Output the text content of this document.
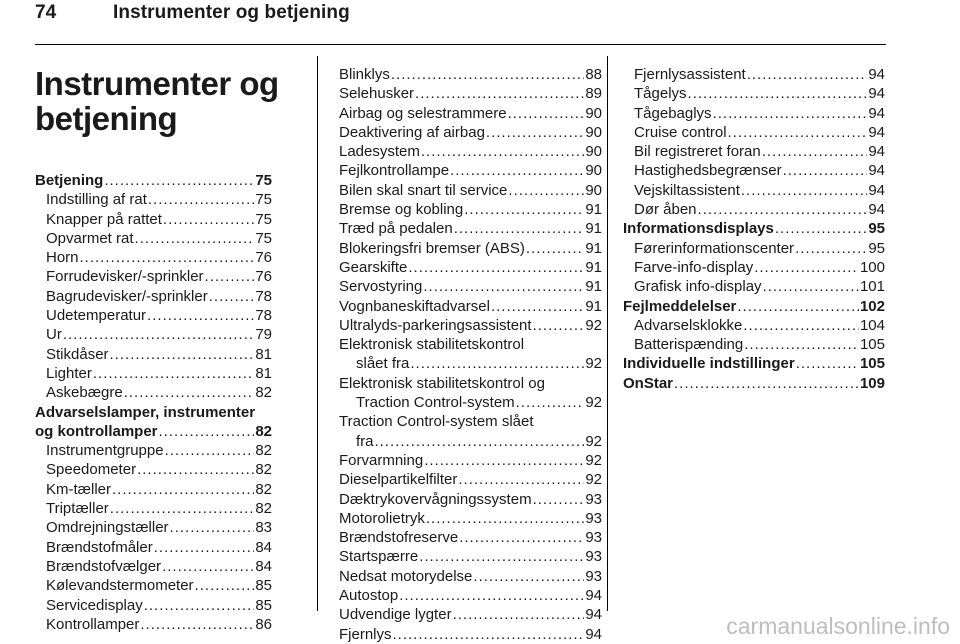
74	Instrumenter og betjening
Instrumenter og
betjening
Betjening .....	75
Indstilling af rat .....	75
Knapper på rattet .....	75
Opvarmet rat .....	75
Horn .....	76
Forrudevisker/-sprinkler .....	76
Bagrudevisker/-sprinkler .....	78
Udetemperatur .....	78
Ur .....	79
Stikdåser .....	81
Lighter .....	81
Askebægre .....	82
Advarselslamper, instrumenter
og kontrollamper .....	82
Instrumentgruppe .....	82
Speedometer .....	82
Km-tæller .....	82
Triptæller .....	82
Omdrejningstæller .....	83
Brændstofmåler .....	84
Brændstofvælger .....	84
Kølevandstermometer .....	85
Servicedisplay .....	85
Kontrollamper .....	86
Blinklys .....	88
Selehusker .....	89
Airbag og selestrammere .....	90
Deaktivering af airbag .....	90
Ladesystem .....	90
Fejlkontrollampe .....	90
Bilen skal snart til service .....	90
Bremse og kobling .....	91
Træd på pedalen .....	91
Blokeringsfri bremser (ABS) .....	91
Gearskifte .....	91
Servostyring .....	91
Vognbaneskiftadvarsel .....	91
Ultralyds-parkeringsassistent .....	92
Elektronisk stabilitetskontrol
slået fra .....	92
Elektronisk stabilitetskontrol og
Traction Control-system .....	92
Traction Control-system slået
fra .....	92
Forvarmning .....	92
Dieselpartikelfilter .....	92
Dæktrykovervågningssystem .....	93
Motorolietryk .....	93
Brændstofreserve .....	93
Startspærre .....	93
Nedsat motorydelse .....	93
Autostop .....	94
Udvendige lygter .....	94
Fjernlys .....	94
Fjernlysassistent .....	94
Tågelys .....	94
Tågebaglys .....	94
Cruise control .....	94
Bil registreret foran .....	94
Hastighedsbegrænser .....	94
Vejskiltassistent .....	94
Dør åben .....	94
Informationsdisplays .....	95
Førerinformationscenter .....	95
Farve-info-display .....	100
Grafisk info-display .....	101
Fejlmeddelelser .....	102
Advarselsklokke .....	104
Batterispænding .....	105
Individuelle indstillinger .....	105
OnStar .....	109
carmanualsonline.info
